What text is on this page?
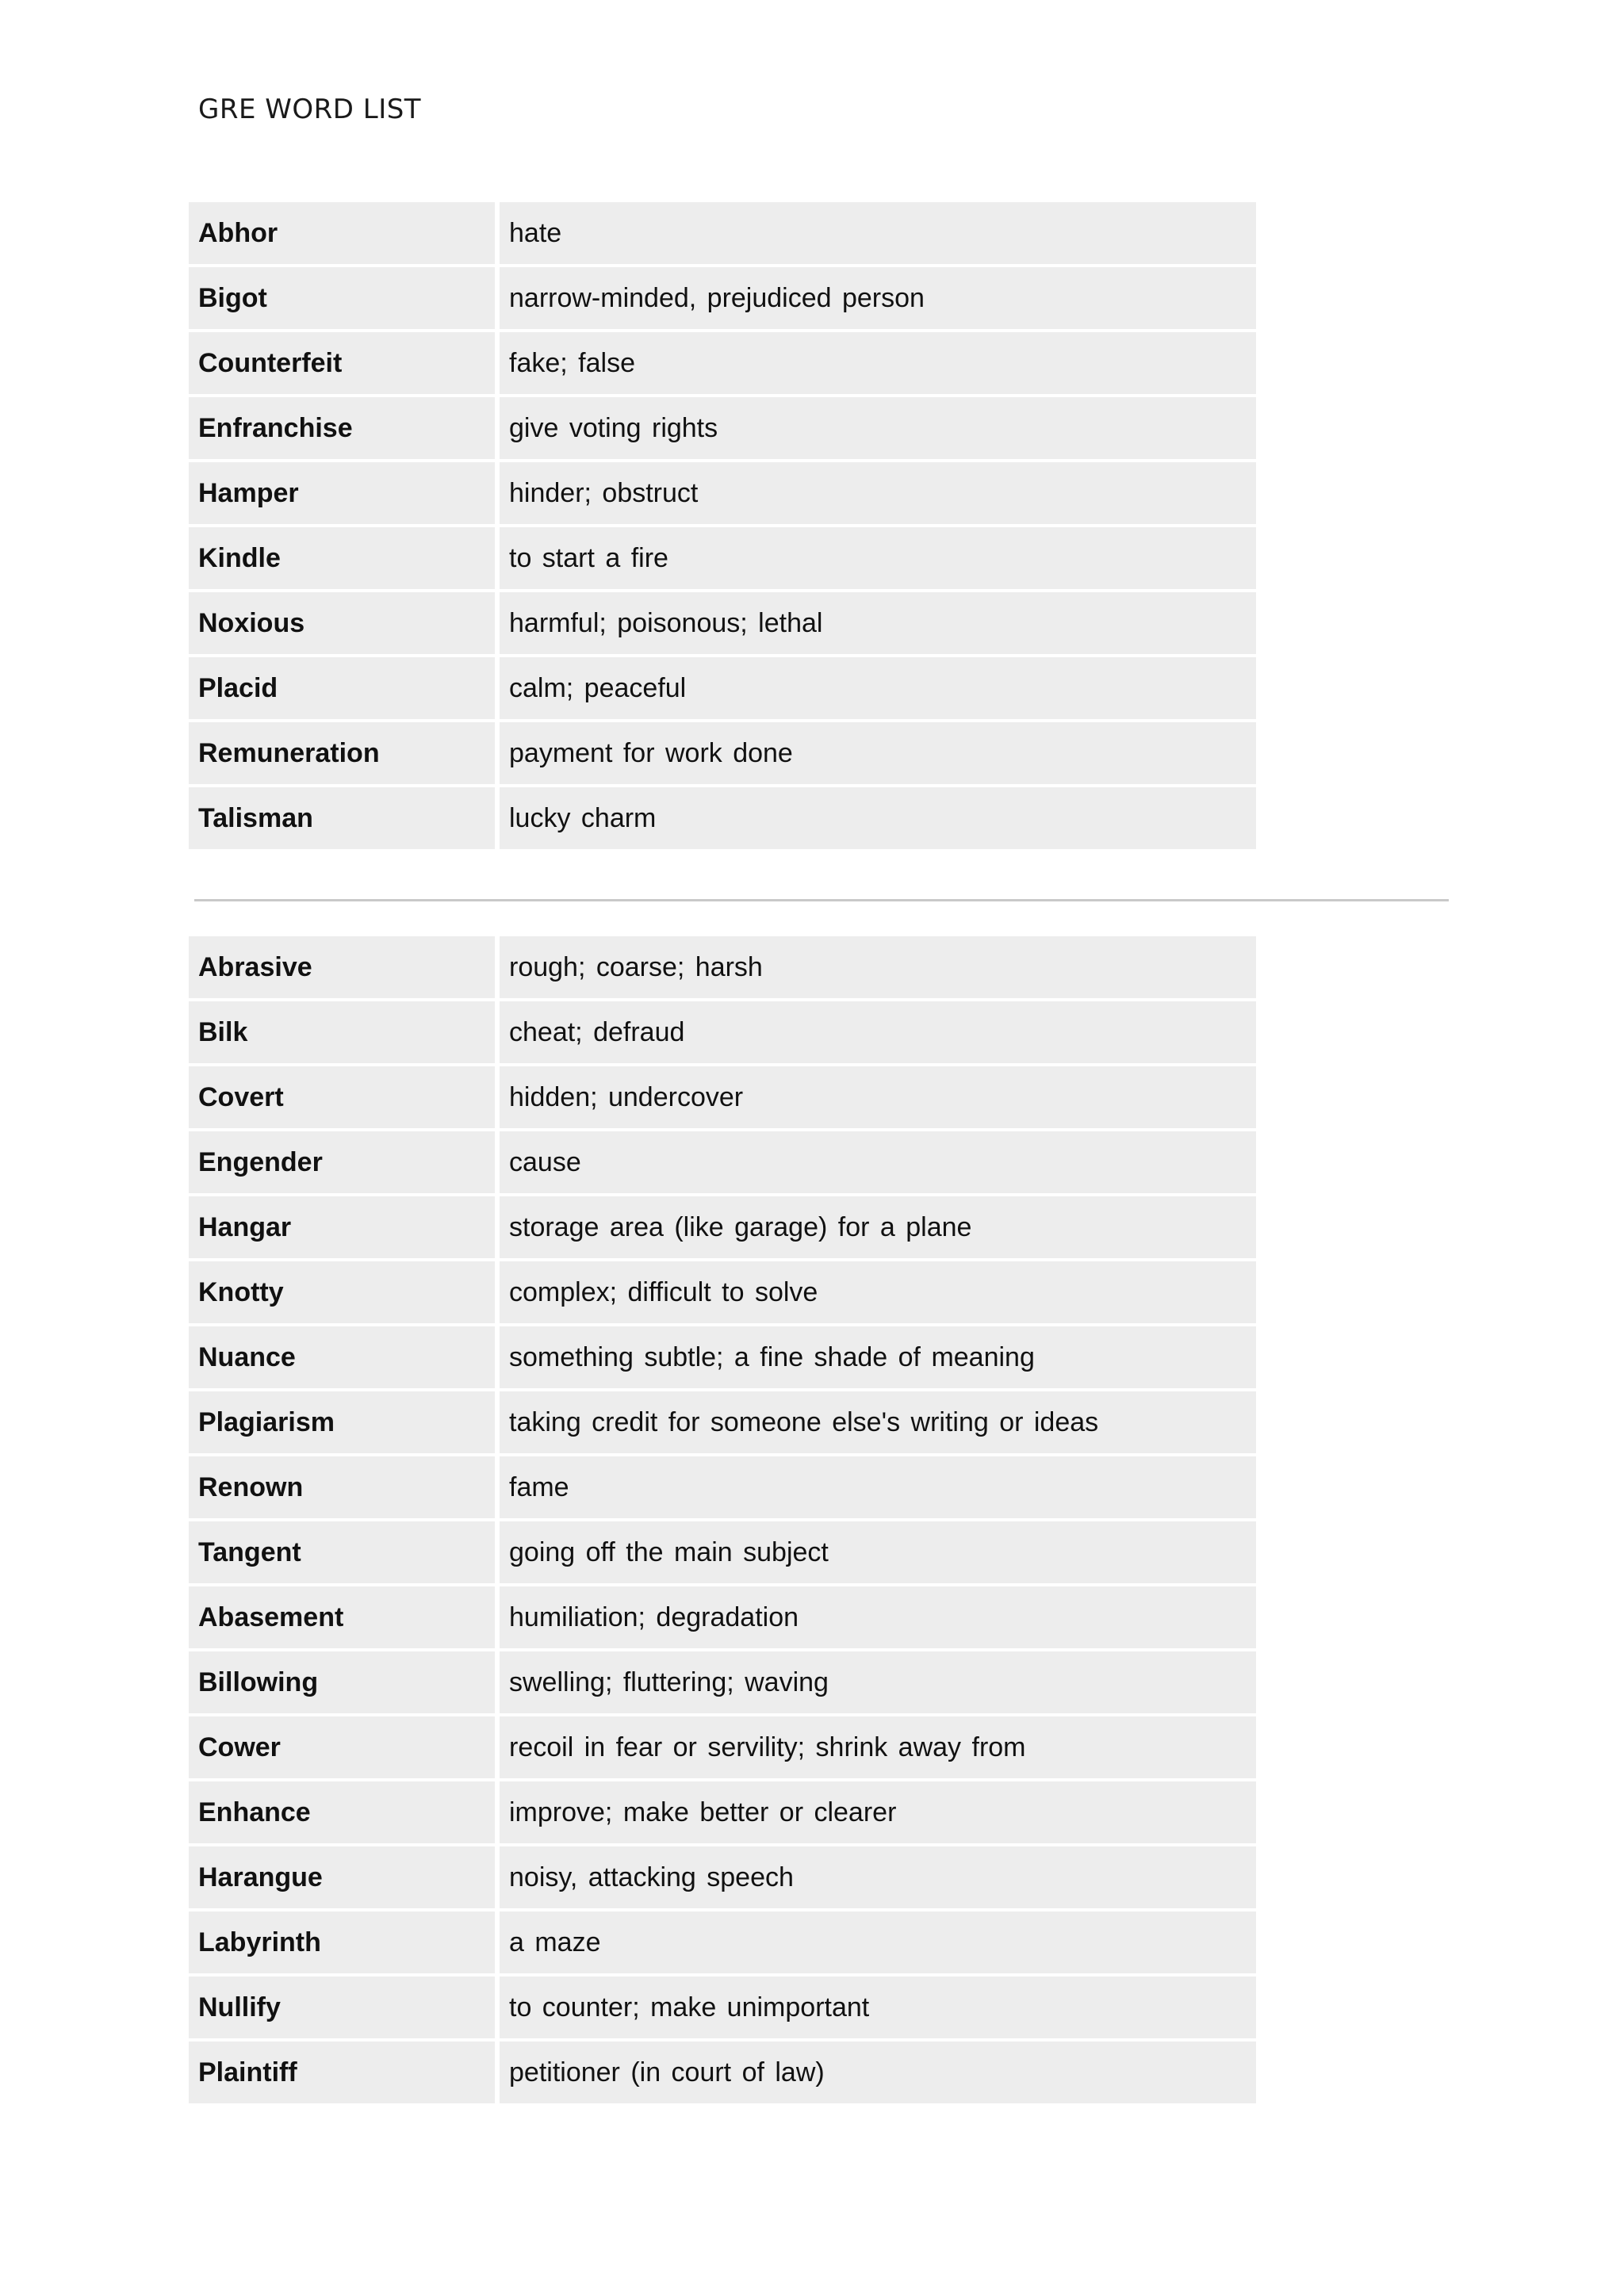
GRE WORD LIST
Abhor	hate
Bigot	narrow-minded, prejudiced person
Counterfeit	fake; false
Enfranchise	give voting rights
Hamper	hinder; obstruct
Kindle	to start a fire
Noxious	harmful; poisonous; lethal
Placid	calm; peaceful
Remuneration	payment for work done
Talisman	lucky charm
Abrasive	rough; coarse; harsh
Bilk	cheat; defraud
Covert	hidden; undercover
Engender	cause
Hangar	storage area (like garage) for a plane
Knotty	complex; difficult to solve
Nuance	something subtle; a fine shade of meaning
Plagiarism	taking credit for someone else's writing or ideas
Renown	fame
Tangent	going off the main subject
Abasement	humiliation; degradation
Billowing	swelling; fluttering; waving
Cower	recoil in fear or servility; shrink away from
Enhance	improve; make better or clearer
Harangue	noisy, attacking speech
Labyrinth	a maze
Nullify	to counter; make unimportant
Plaintiff	petitioner (in court of law)
